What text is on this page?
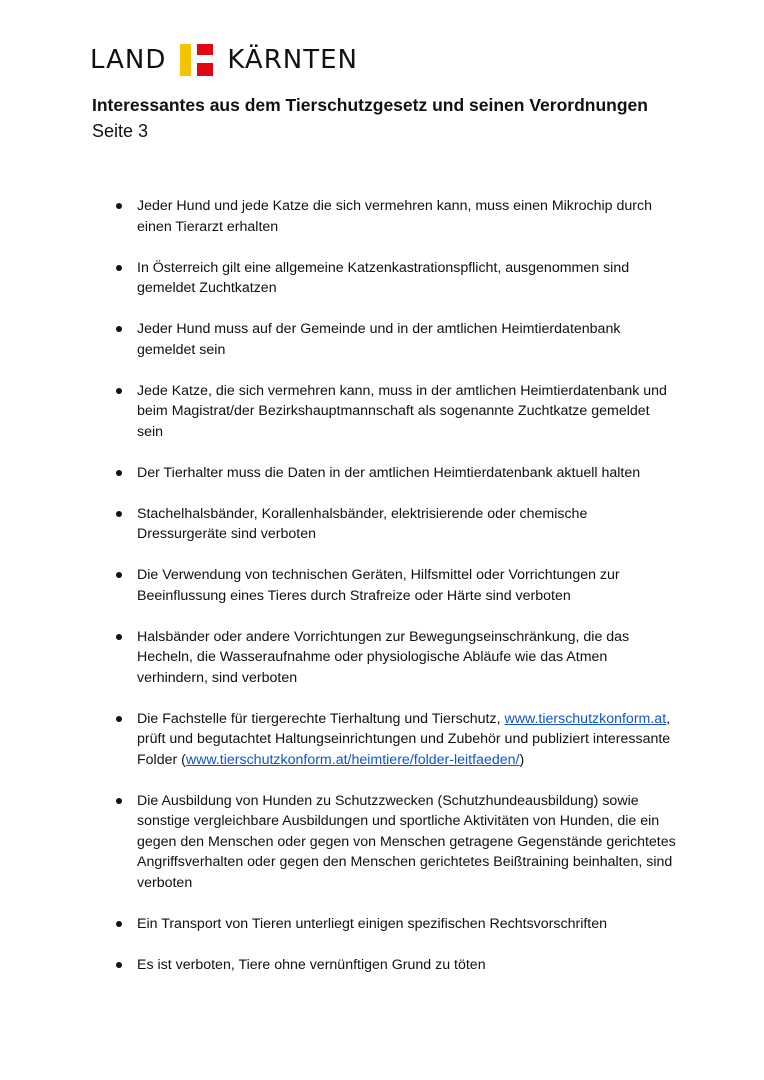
LAND KÄRNTEN
Interessantes aus dem Tierschutzgesetz und seinen Verordnungen
Seite 3
Jeder Hund und jede Katze die sich vermehren kann, muss einen Mikrochip durch einen Tierarzt erhalten
In Österreich gilt eine allgemeine Katzenkastrationspflicht, ausgenommen sind gemeldet Zuchtkatzen
Jeder Hund muss auf der Gemeinde und in der amtlichen Heimtierdatenbank gemeldet sein
Jede Katze, die sich vermehren kann, muss in der amtlichen Heimtierdatenbank und beim Magistrat/der Bezirkshauptmannschaft als sogenannte Zuchtkatze gemeldet sein
Der Tierhalter muss die Daten in der amtlichen Heimtierdatenbank aktuell halten
Stachelhalsbänder, Korallenhalsbänder, elektrisierende oder chemische Dressurgeräte sind verboten
Die Verwendung von technischen Geräten, Hilfsmittel oder Vorrichtungen zur Beeinflussung eines Tieres durch Strafreize oder Härte sind verboten
Halsbänder oder andere Vorrichtungen zur Bewegungseinschränkung, die das Hecheln, die Wasseraufnahme oder physiologische Abläufe wie das Atmen verhindern, sind verboten
Die Fachstelle für tiergerechte Tierhaltung und Tierschutz, www.tierschutzkonform.at, prüft und begutachtet Haltungseinrichtungen und Zubehör und publiziert interessante Folder (www.tierschutzkonform.at/heimtiere/folder-leitfaeden/)
Die Ausbildung von Hunden zu Schutzzwecken (Schutzhundeausbildung) sowie sonstige vergleichbare Ausbildungen und sportliche Aktivitäten von Hunden, die ein gegen den Menschen oder gegen von Menschen getragene Gegenstände gerichtetes Angriffsverhalten oder gegen den Menschen gerichtetes Beißtraining beinhalten, sind verboten
Ein Transport von Tieren unterliegt einigen spezifischen Rechtsvorschriften
Es ist verboten, Tiere ohne vernünftigen Grund zu töten
